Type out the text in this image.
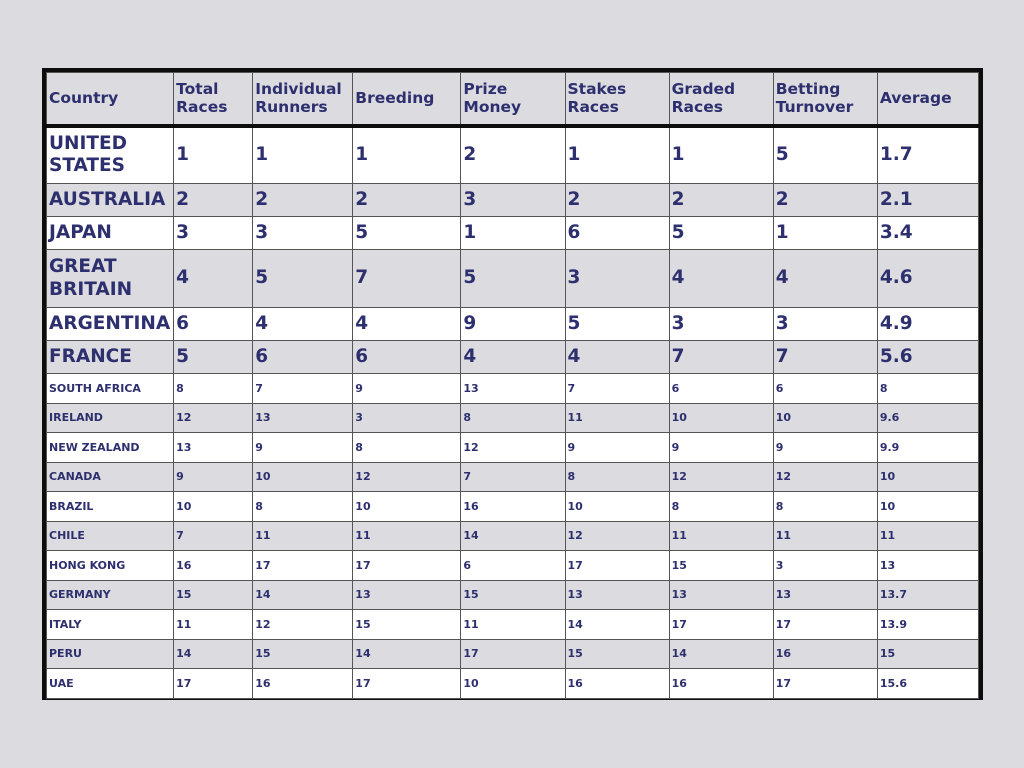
Country	Total Races	Individual Runners	Breeding	Prize Money	Stakes Races	Graded Races	Betting Turnover	Average
UNITED STATES	1	1	1	2	1	1	5	1.7
AUSTRALIA	2	2	2	3	2	2	2	2.1
JAPAN	3	3	5	1	6	5	1	3.4
GREAT BRITAIN	4	5	7	5	3	4	4	4.6
ARGENTINA	6	4	4	9	5	3	3	4.9
FRANCE	5	6	6	4	4	7	7	5.6
SOUTH AFRICA	8	7	9	13	7	6	6	8
IRELAND	12	13	3	8	11	10	10	9.6
NEW ZEALAND	13	9	8	12	9	9	9	9.9
CANADA	9	10	12	7	8	12	12	10
BRAZIL	10	8	10	16	10	8	8	10
CHILE	7	11	11	14	12	11	11	11
HONG KONG	16	17	17	6	17	15	3	13
GERMANY	15	14	13	15	13	13	13	13.7
ITALY	11	12	15	11	14	17	17	13.9
PERU	14	15	14	17	15	14	16	15
UAE	17	16	17	10	16	16	17	15.6
